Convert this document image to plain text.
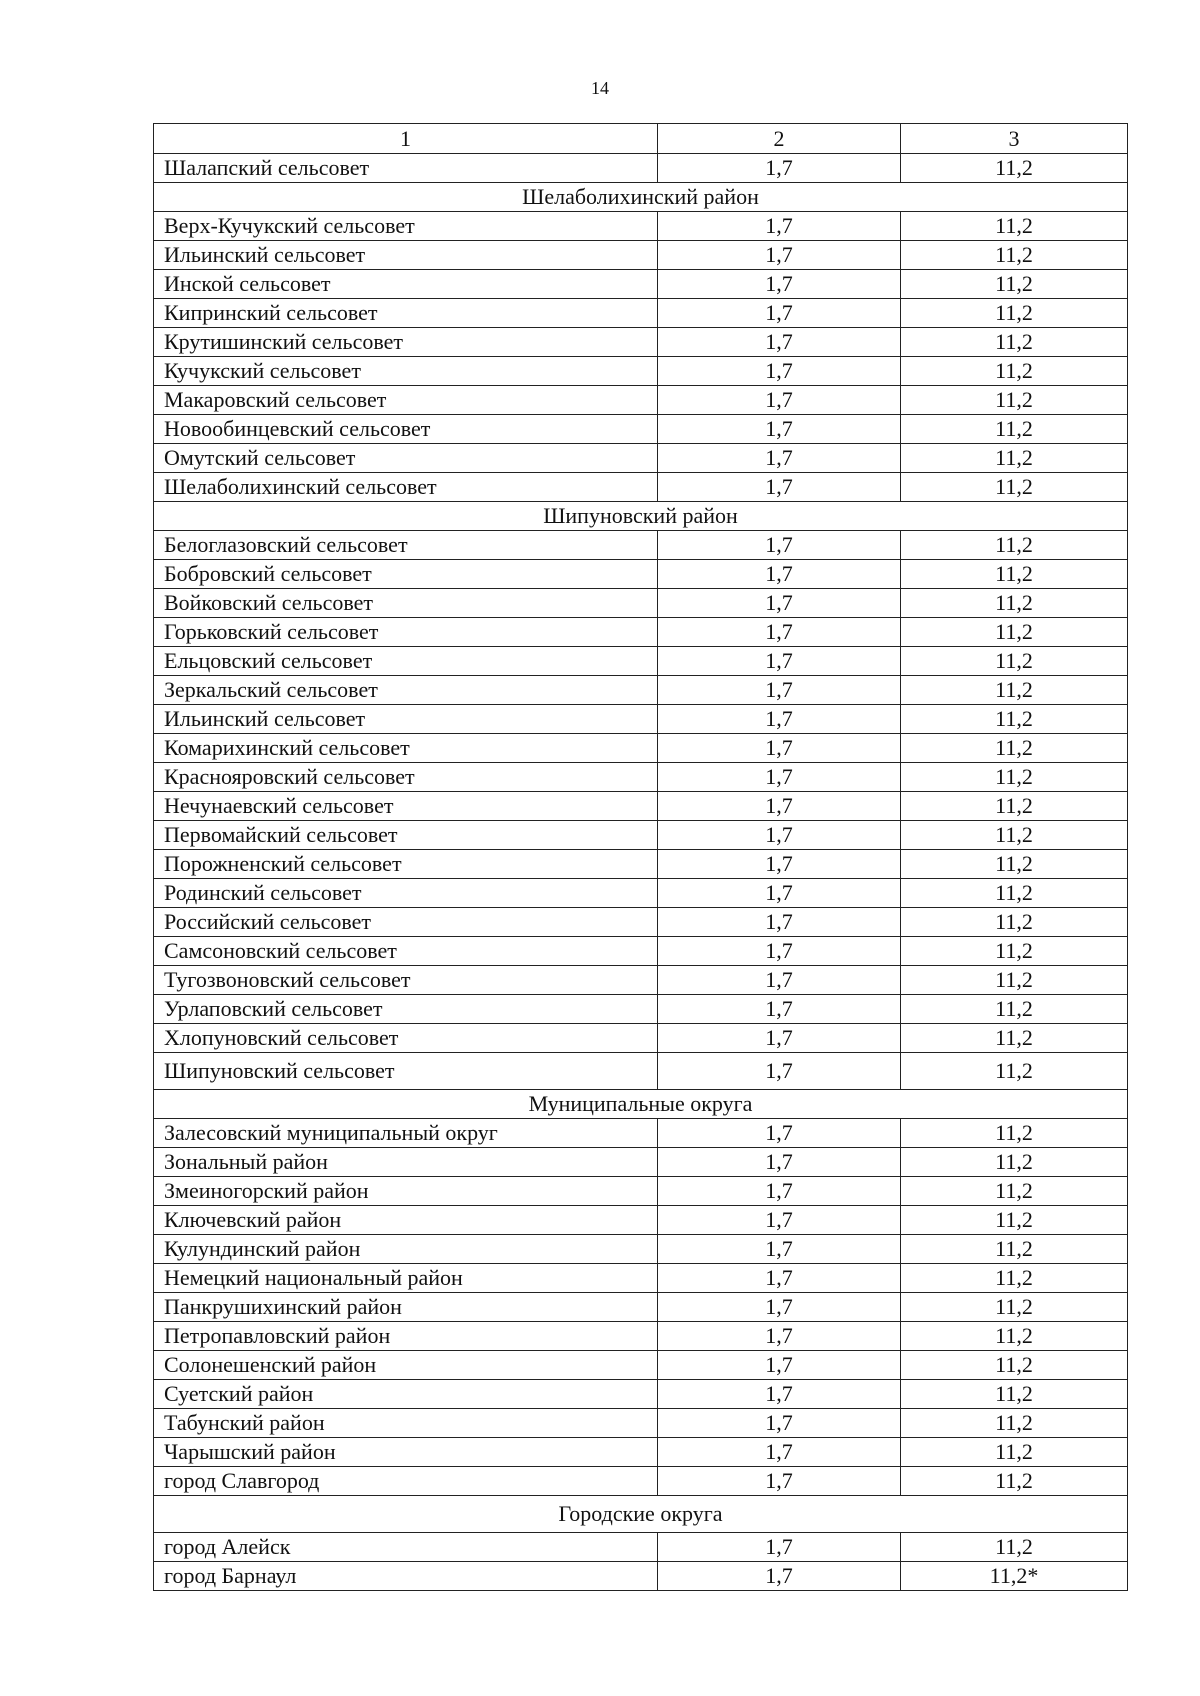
14
1	2	3
Шалапский сельсовет	1,7	11,2
Шелаболихинский район		
Верх-Кучукский сельсовет	1,7	11,2
Ильинский сельсовет	1,7	11,2
Инской сельсовет	1,7	11,2
Кипринский сельсовет	1,7	11,2
Крутишинский сельсовет	1,7	11,2
Кучукский сельсовет	1,7	11,2
Макаровский сельсовет	1,7	11,2
Новообинцевский сельсовет	1,7	11,2
Омутский сельсовет	1,7	11,2
Шелаболихинский сельсовет	1,7	11,2
Шипуновский район		
Белоглазовский сельсовет	1,7	11,2
Бобровский сельсовет	1,7	11,2
Войковский сельсовет	1,7	11,2
Горьковский сельсовет	1,7	11,2
Ельцовский сельсовет	1,7	11,2
Зеркальский сельсовет	1,7	11,2
Ильинский сельсовет	1,7	11,2
Комарихинский сельсовет	1,7	11,2
Краснояровский сельсовет	1,7	11,2
Нечунаевский сельсовет	1,7	11,2
Первомайский сельсовет	1,7	11,2
Порожненский сельсовет	1,7	11,2
Родинский сельсовет	1,7	11,2
Российский сельсовет	1,7	11,2
Самсоновский сельсовет	1,7	11,2
Тугозвоновский сельсовет	1,7	11,2
Урлаповский сельсовет	1,7	11,2
Хлопуновский сельсовет	1,7	11,2
Шипуновский сельсовет	1,7	11,2
Муниципальные округа		
Залесовский муниципальный округ	1,7	11,2
Зональный район	1,7	11,2
Змеиногорский район	1,7	11,2
Ключевский район	1,7	11,2
Кулундинский район	1,7	11,2
Немецкий национальный район	1,7	11,2
Панкрушихинский район	1,7	11,2
Петропавловский район	1,7	11,2
Солонешенский район	1,7	11,2
Суетский район	1,7	11,2
Табунский район	1,7	11,2
Чарышский район	1,7	11,2
город Славгород	1,7	11,2
Городские округа		
город Алейск	1,7	11,2
город Барнаул	1,7	11,2*
